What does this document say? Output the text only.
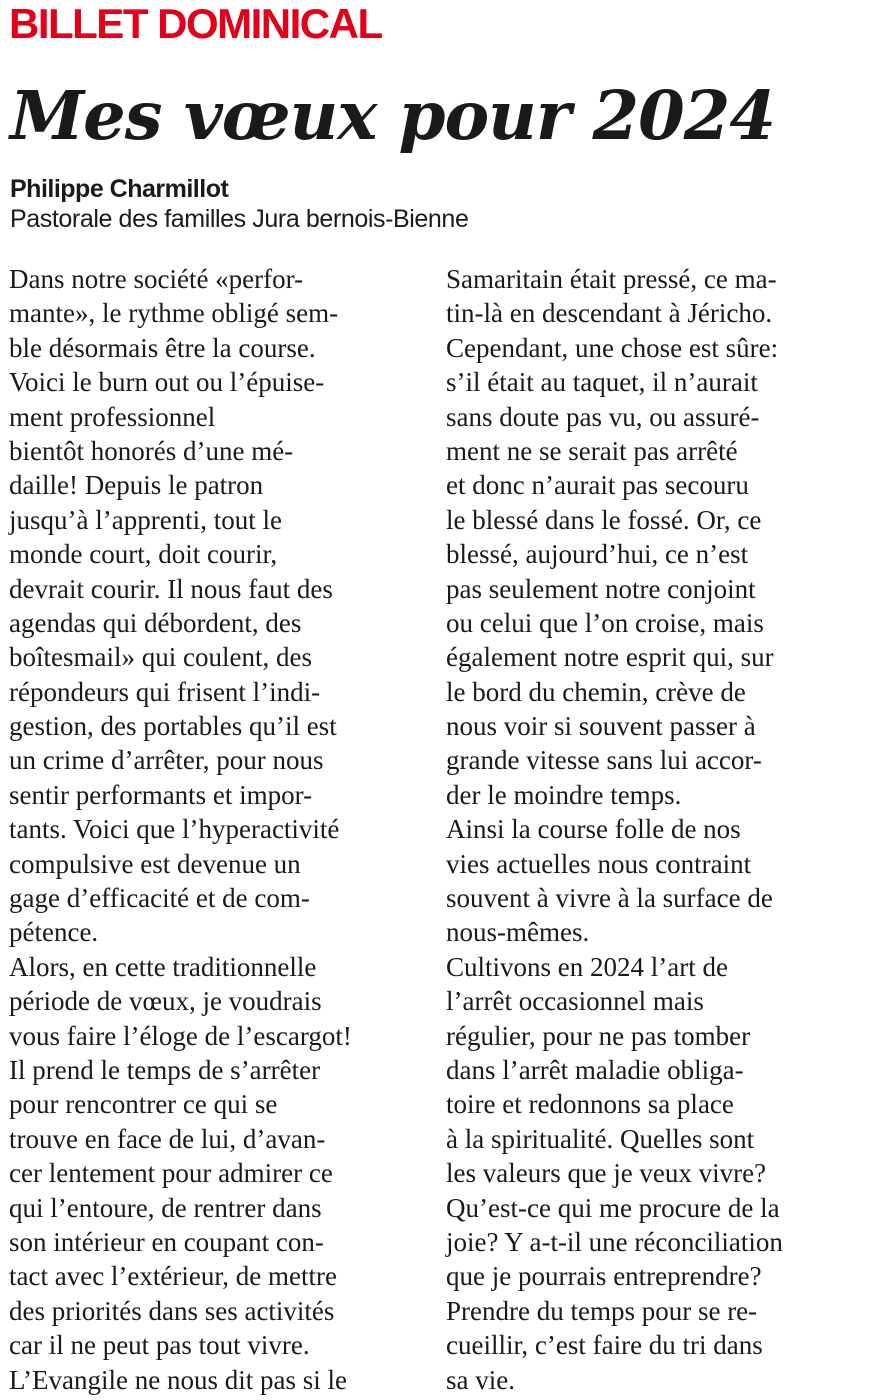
BILLET DOMINICAL
Mes vœux pour 2024
Philippe Charmillot
Pastorale des familles Jura bernois-Bienne
Dans notre société «perfor-
mante», le rythme obligé sem-
ble désormais être la course.
Voici le burn out ou l’épuise-
ment professionnel
bientôt honorés d’une mé-
daille! Depuis le patron
jusqu’à l’apprenti, tout le
monde court, doit courir,
devrait courir. Il nous faut des
agendas qui débordent, des
boîtesmail» qui coulent, des
répondeurs qui frisent l’indi-
gestion, des portables qu’il est
un crime d’arrêter, pour nous
sentir performants et impor-
tants. Voici que l’hyperactivité
compulsive est devenue un
gage d’efficacité et de com-
pétence.
Alors, en cette traditionnelle
période de vœux, je voudrais
vous faire l’éloge de l’escargot!
Il prend le temps de s’arrêter
pour rencontrer ce qui se
trouve en face de lui, d’avan-
cer lentement pour admirer ce
qui l’entoure, de rentrer dans
son intérieur en coupant con-
tact avec l’extérieur, de mettre
des priorités dans ses activités
car il ne peut pas tout vivre.
L’Evangile ne nous dit pas si le
Samaritain était pressé, ce ma-
tin-là en descendant à Jéricho.
Cependant, une chose est sûre:
s’il était au taquet, il n’aurait
sans doute pas vu, ou assuré-
ment ne se serait pas arrêté
et donc n’aurait pas secouru
le blessé dans le fossé. Or, ce
blessé, aujourd’hui, ce n’est
pas seulement notre conjoint
ou celui que l’on croise, mais
également notre esprit qui, sur
le bord du chemin, crève de
nous voir si souvent passer à
grande vitesse sans lui accor-
der le moindre temps.
Ainsi la course folle de nos
vies actuelles nous contraint
souvent à vivre à la surface de
nous-mêmes.
Cultivons en 2024 l’art de
l’arrêt occasionnel mais
régulier, pour ne pas tomber
dans l’arrêt maladie obliga-
toire et redonnons sa place
à la spiritualité. Quelles sont
les valeurs que je veux vivre?
Qu’est-ce qui me procure de la
joie? Y a-t-il une réconciliation
que je pourrais entreprendre?
Prendre du temps pour se re-
cueillir, c’est faire du tri dans
sa vie.
